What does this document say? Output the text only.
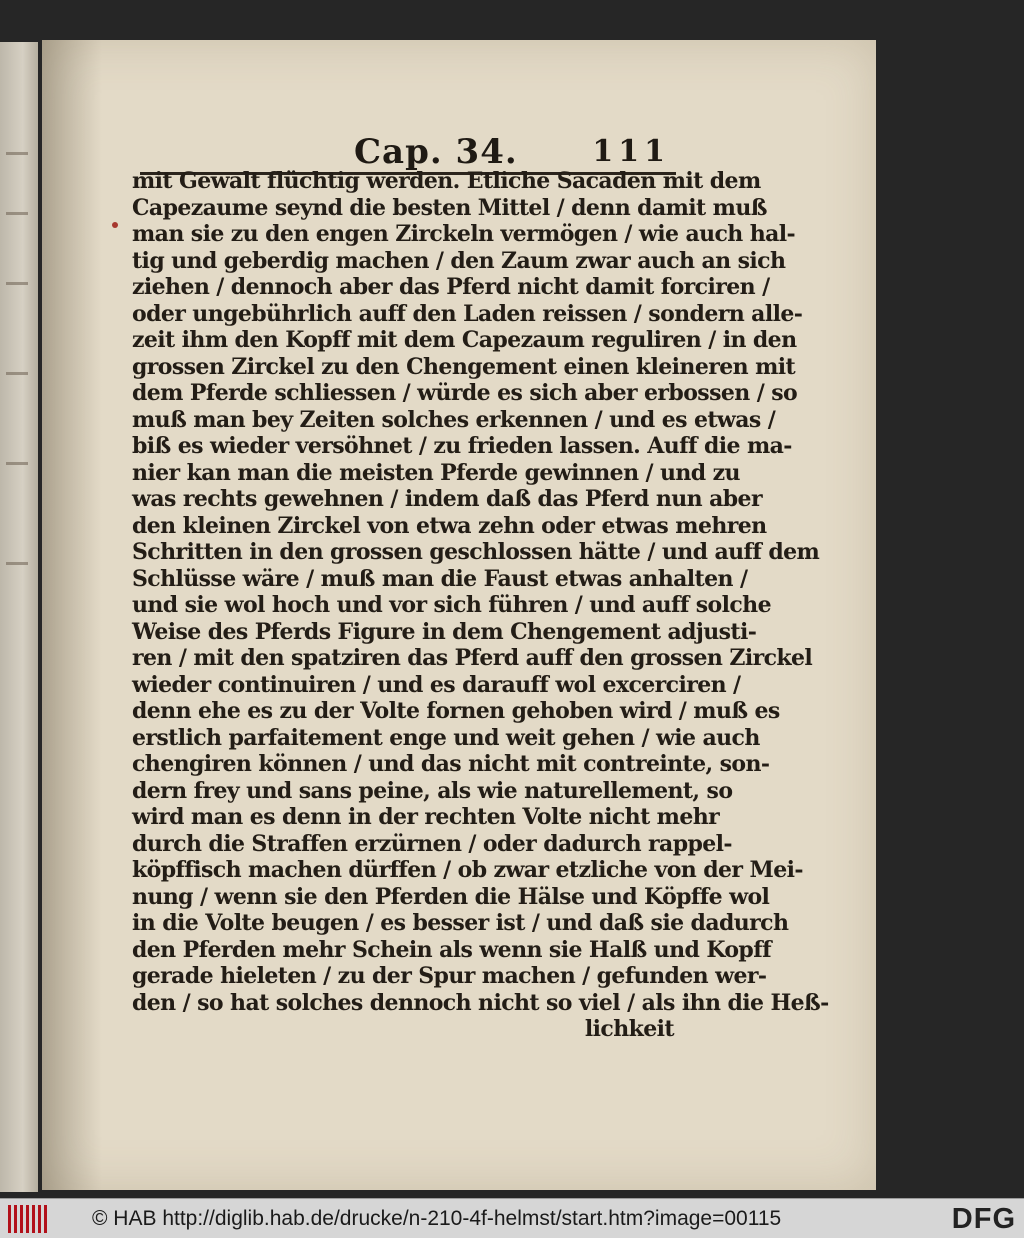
Cap. 34. 111
mit Gewalt flüchtig werden. Etliche Sacaden mit dem
Capezaume seynd die besten Mittel / denn damit muß
man sie zu den engen Zirckeln vermögen / wie auch hal-
tig und geberdig machen / den Zaum zwar auch an sich
ziehen / dennoch aber das Pferd nicht damit forciren /
oder ungebührlich auff den Laden reissen / sondern alle-
zeit ihm den Kopff mit dem Capezaum reguliren / in den
grossen Zirckel zu den Chengement einen kleineren mit
dem Pferde schliessen / würde es sich aber erbossen / so
muß man bey Zeiten solches erkennen / und es etwas /
biß es wieder versöhnet / zu frieden lassen. Auff die ma-
nier kan man die meisten Pferde gewinnen / und zu
was rechts gewehnen / indem daß das Pferd nun aber
den kleinen Zirckel von etwa zehn oder etwas mehren
Schritten in den grossen geschlossen hätte / und auff dem
Schlüsse wäre / muß man die Faust etwas anhalten /
und sie wol hoch und vor sich führen / und auff solche
Weise des Pferds Figure in dem Chengement adjusti-
ren / mit den spatziren das Pferd auff den grossen Zirckel
wieder continuiren / und es darauff wol excerciren /
denn ehe es zu der Volte fornen gehoben wird / muß es
erstlich parfaitement enge und weit gehen / wie auch
chengiren können / und das nicht mit contreinte, son-
dern frey und sans peine, als wie naturellement, so
wird man es denn in der rechten Volte nicht mehr
durch die Straffen erzürnen / oder dadurch rappel-
köpffisch machen dürffen / ob zwar etzliche von der Mei-
nung / wenn sie den Pferden die Hälse und Köpffe wol
in die Volte beugen / es besser ist / und daß sie dadurch
den Pferden mehr Schein als wenn sie Halß und Kopff
gerade hieleten / zu der Spur machen / gefunden wer-
den / so hat solches dennoch nicht so viel / als ihn die Heß-
lichkeit
© HAB http://diglib.hab.de/drucke/n-210-4f-helmst/start.htm?image=00115	DFG
